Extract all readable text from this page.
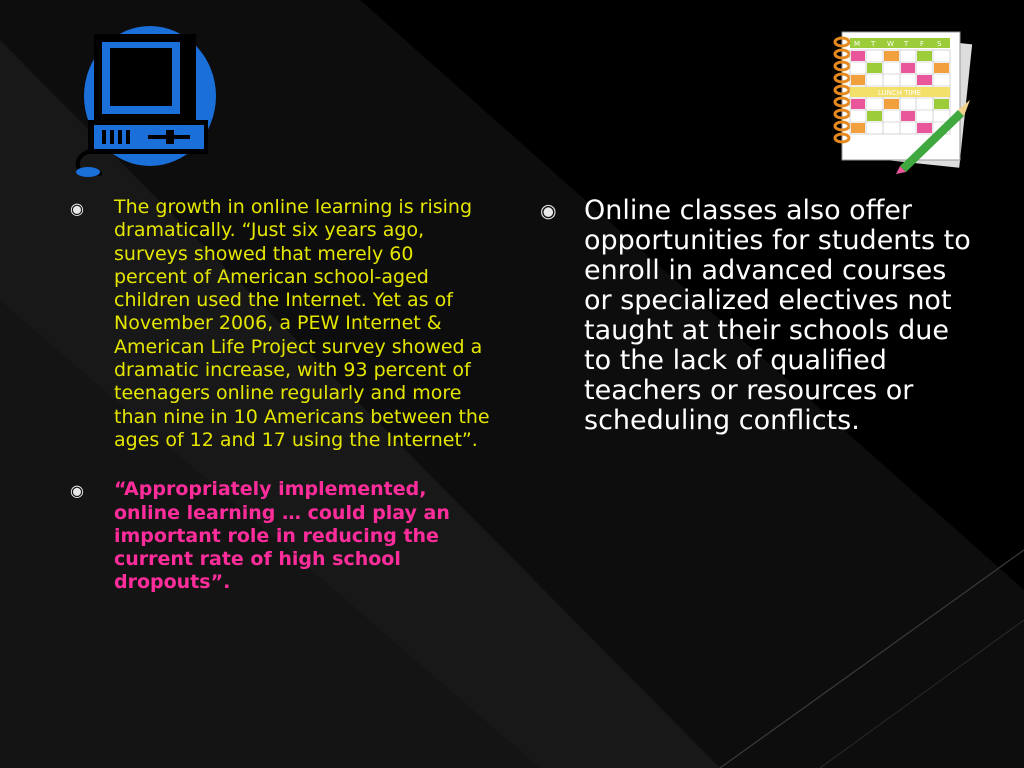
M T W T F S
LUNCH TIME
◉ The growth in online learning is rising dramatically. “Just six years ago, surveys showed that merely 60 percent of American school-aged children used the Internet. Yet as of November 2006, a PEW Internet & American Life Project survey showed a dramatic increase, with 93 percent of teenagers online regularly and more than nine in 10 Americans between the ages of 12 and 17 using the Internet”.
◉ “Appropriately implemented, online learning … could play an important role in reducing the current rate of high school dropouts”.
◉ Online classes also offer opportunities for students to enroll in advanced courses or specialized electives not taught at their schools due to the lack of qualified teachers or resources or scheduling conflicts.
